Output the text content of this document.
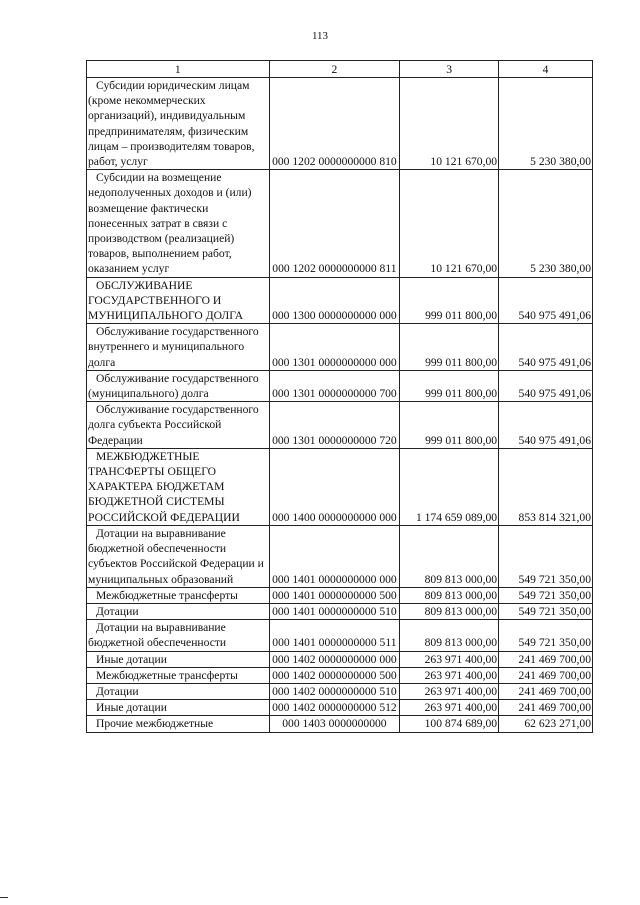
113
1	2	3	4
Субсидии юридическим лицам (кроме некоммерческих организаций), индивидуальным предпринимателям, физическим лицам – производителям товаров, работ, услуг	000 1202 0000000000 810	10 121 670,00	5 230 380,00
Субсидии на возмещение недополученных доходов и (или) возмещение фактически понесенных затрат в связи с производством (реализацией) товаров, выполнением работ, оказанием услуг	000 1202 0000000000 811	10 121 670,00	5 230 380,00
ОБСЛУЖИВАНИЕ ГОСУДАРСТВЕННОГО И МУНИЦИПАЛЬНОГО ДОЛГА	000 1300 0000000000 000	999 011 800,00	540 975 491,06
Обслуживание государственного внутреннего и муниципального долга	000 1301 0000000000 000	999 011 800,00	540 975 491,06
Обслуживание государственного (муниципального) долга	000 1301 0000000000 700	999 011 800,00	540 975 491,06
Обслуживание государственного долга субъекта Российской Федерации	000 1301 0000000000 720	999 011 800,00	540 975 491,06
МЕЖБЮДЖЕТНЫЕ ТРАНСФЕРТЫ ОБЩЕГО ХАРАКТЕРА БЮДЖЕТАМ БЮДЖЕТНОЙ СИСТЕМЫ РОССИЙСКОЙ ФЕДЕРАЦИИ	000 1400 0000000000 000	1 174 659 089,00	853 814 321,00
Дотации на выравнивание бюджетной обеспеченности субъектов Российской Федерации и муниципальных образований	000 1401 0000000000 000	809 813 000,00	549 721 350,00
Межбюджетные трансферты	000 1401 0000000000 500	809 813 000,00	549 721 350,00
Дотации	000 1401 0000000000 510	809 813 000,00	549 721 350,00
Дотации на выравнивание бюджетной обеспеченности	000 1401 0000000000 511	809 813 000,00	549 721 350,00
Иные дотации	000 1402 0000000000 000	263 971 400,00	241 469 700,00
Межбюджетные трансферты	000 1402 0000000000 500	263 971 400,00	241 469 700,00
Дотации	000 1402 0000000000 510	263 971 400,00	241 469 700,00
Иные дотации	000 1402 0000000000 512	263 971 400,00	241 469 700,00
Прочие межбюджетные	000 1403 0000000000	100 874 689,00	62 623 271,00
